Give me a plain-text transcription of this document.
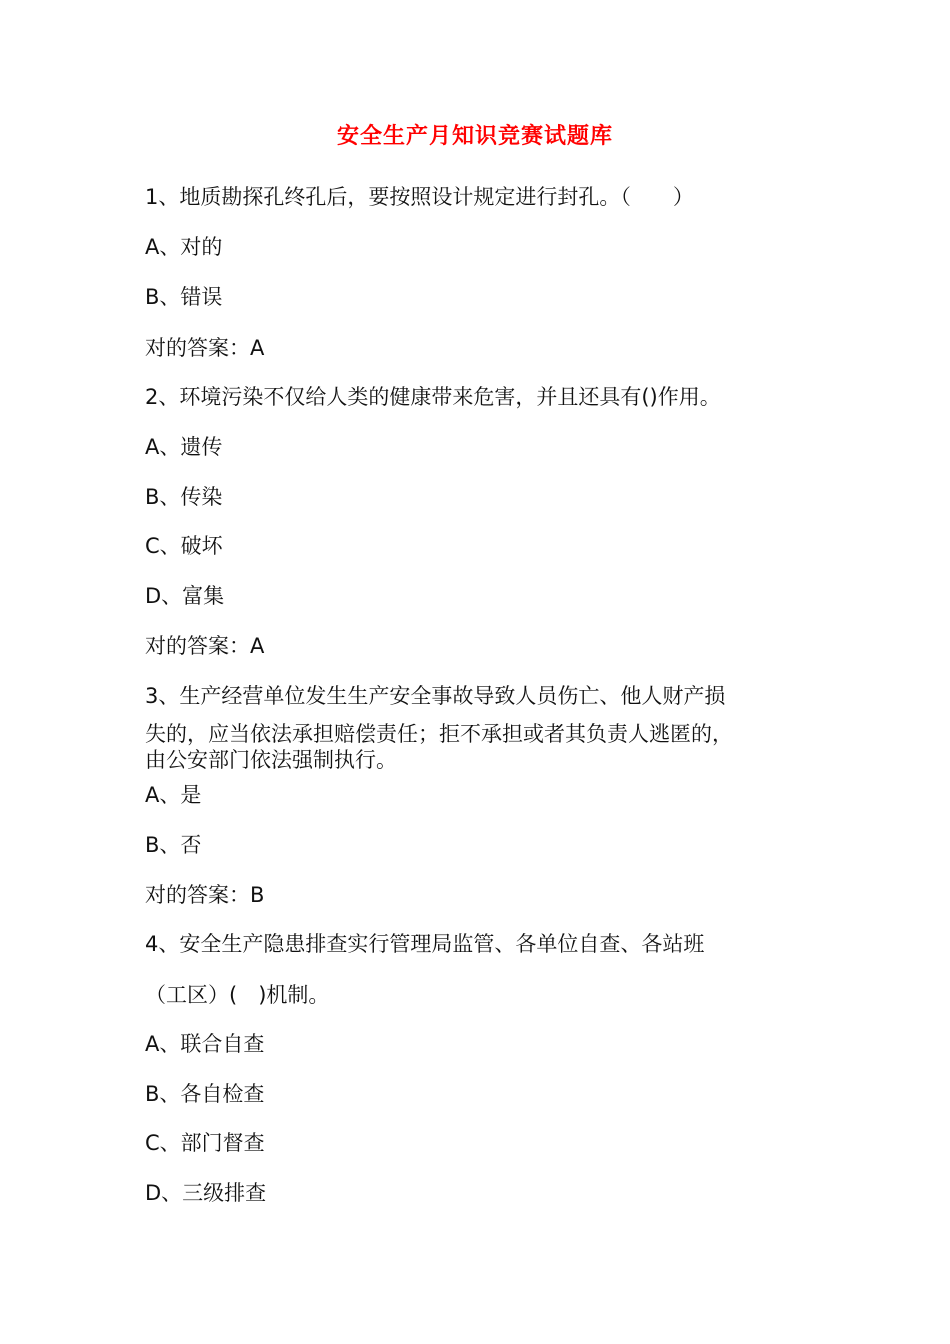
安全生产月知识竞赛试题库
1、地质勘探孔终孔后，要按照设计规定进行封孔。（　　）
A、对的
B、错误
对的答案：A
2、环境污染不仅给人类的健康带来危害，并且还具有()作用。
A、遗传
B、传染
C、破坏
D、富集
对的答案：A
3、生产经营单位发生生产安全事故导致人员伤亡、他人财产损
失的，应当依法承担赔偿责任；拒不承担或者其负责人逃匿的，
由公安部门依法强制执行。
A、是
B、否
对的答案：B
4、安全生产隐患排查实行管理局监管、各单位自查、各站班
（工区）(　)机制。
A、联合自查
B、各自检查
C、部门督查
D、三级排查
